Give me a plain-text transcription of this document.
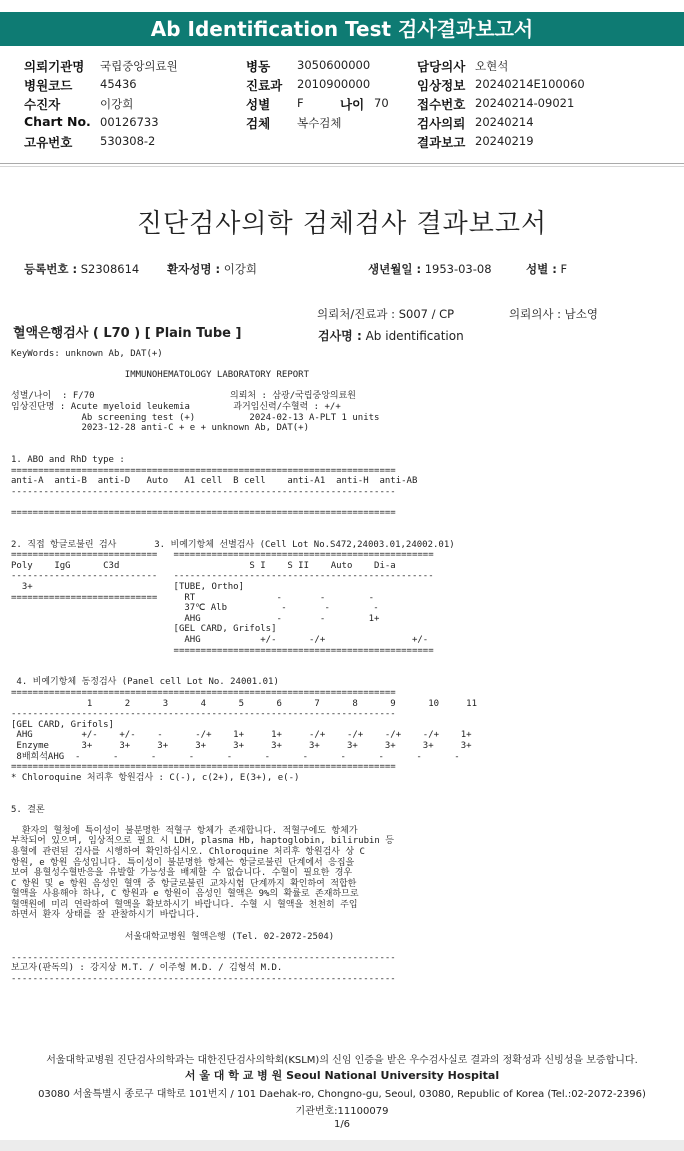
Ab Identification Test 검사결과보고서
의뢰기관명 국립중앙의료원
병원코드 45436
수진자	이강희
Chart No. 00126733
고유번호 530308-2
병동 3050600000
진료과 2010900000
성별 F	나이 70
검체 복수검체
담당의사 오현석
임상정보 20240214E100060
접수번호 20240214-09021
검사의뢰 20240214
결과보고 20240219
진단검사의학 검체검사 결과보고서
등록번호 : S2308614 환자성명 : 이강희	생년월일 : 1953-03-08	성별 : F
의뢰처/진료과 : S007 / CP	의뢰의사 : 남소영
검사명 : Ab identification
혈액은행검사 ( L70 ) [ Plain Tube ]
KeyWords: unknown Ab, DAT(+)

IMMUNOHEMATOLOGY LABORATORY REPORT

성별/나이  : F/70                         의뢰처 : 삼광/국립중앙의료원
임상진단명 : Acute myeloid leukemia        과거임신력/수혈력 : +/+
Ab screening test (+)          2024-02-13 A-PLT 1 units
2023-12-28 anti-C + e + unknown Ab, DAT(+)

1. ABO and RhD type :
=======================================================================
anti-A  anti-B  anti-D   Auto   A1 cell  B cell    anti-A1  anti-H  anti-AB
-----------------------------------------------------------------------

=======================================================================

2. 직접 항글로불린 검사       3. 비예기항체 선별검사 (Cell Lot No.S472,24003.01,24002.01)
===========================   ================================================
Poly    IgG      C3d                        S I    S II    Auto    Di-a
---------------------------   ------------------------------------------------
3+                          [TUBE, Ortho]
===========================     RT               -       -        -
37℃ Alb          -       -        -
AHG              -       -        1+
[GEL CARD, Grifols]
AHG           +/-      -/+                +/-
================================================

4. 비예기항체 동정검사 (Panel cell Lot No. 24001.01)
=======================================================================
1      2      3      4      5      6      7      8      9      10     11
-----------------------------------------------------------------------
[GEL CARD, Grifols]
AHG         +/-    +/-    -      -/+    1+     1+     -/+    -/+    -/+    -/+    1+
Enzyme      3+     3+     3+     3+     3+     3+     3+     3+     3+     3+     3+
8배희석AHG  -      -      -      -      -      -      -      -      -      -      -
=======================================================================
* Chloroquine 처리후 항원검사 : C(-), c(2+), E(3+), e(-)

5. 결론

환자의 혈청에 특이성이 불분명한 적혈구 항체가 존재합니다. 적혈구에도 항체가
부착되어 있으며, 임상적으로 필요 시 LDH, plasma Hb, haptoglobin, bilirubin 등
용혈에 관련된 검사를 시행하여 확인하십시오. Chloroquine 처리후 항원검사 상 C
항원, e 항원 음성입니다. 특이성이 불분명한 항체는 항글로불린 단계에서 응집을
보여 용혈성수혈반응을 유발할 가능성을 배제할 수 없습니다. 수혈이 필요한 경우
C 항원 및 e 항원 음성인 혈액 중 항글로불린 교차시험 단계까지 확인하여 적합한
혈액을 사용해야 하나, C 항원과 e 항원이 음성인 혈액은 9%의 확률로 존재하므로
혈액원에 미리 연락하여 혈액을 확보하시기 바랍니다. 수혈 시 혈액을 천천히 주입
하면서 환자 상태를 잘 관찰하시기 바랍니다.

서울대학교병원 혈액은행 (Tel. 02-2072-2504)

-----------------------------------------------------------------------
보고자(판독의) : 강지상 M.T. / 이주형 M.D. / 김형석 M.D.
-----------------------------------------------------------------------
서울대학교병원 진단검사의학과는 대한진단검사의학회(KSLM)의 신임 인증을 받은 우수검사실로 결과의 정확성과 신빙성을 보증합니다.
서 울 대 학 교 병 원 Seoul National University Hospital
03080 서울특별시 종로구 대학로 101번지 / 101 Daehak-ro, Chongno-gu, Seoul, 03080, Republic of Korea (Tel.:02-2072-2396)
기관번호:11100079
1/6
